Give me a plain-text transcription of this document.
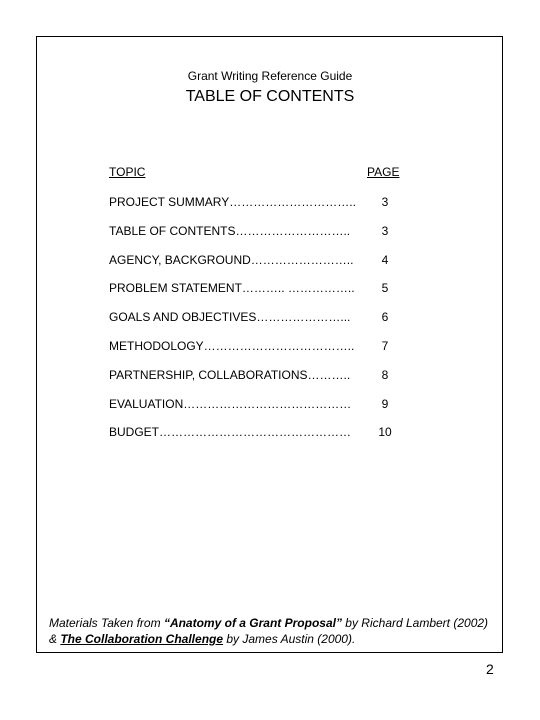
Grant Writing Reference Guide
TABLE OF CONTENTS
TOPIC	PAGE
PROJECT SUMMARY…………………………..	3
TABLE OF CONTENTS………………………..	3
AGENCY, BACKGROUND……………………..	4
PROBLEM STATEMENT……….. ……………..	5
GOALS AND OBJECTIVES…………………...	6
METHODOLOGY………………………………..	7
PARTNERSHIP, COLLABORATIONS………..	8
EVALUATION……………………………………	9
BUDGET…………………………………………	10
Materials Taken from “Anatomy of a Grant Proposal” by Richard Lambert (2002)
& The Collaboration Challenge by James Austin (2000).
2
